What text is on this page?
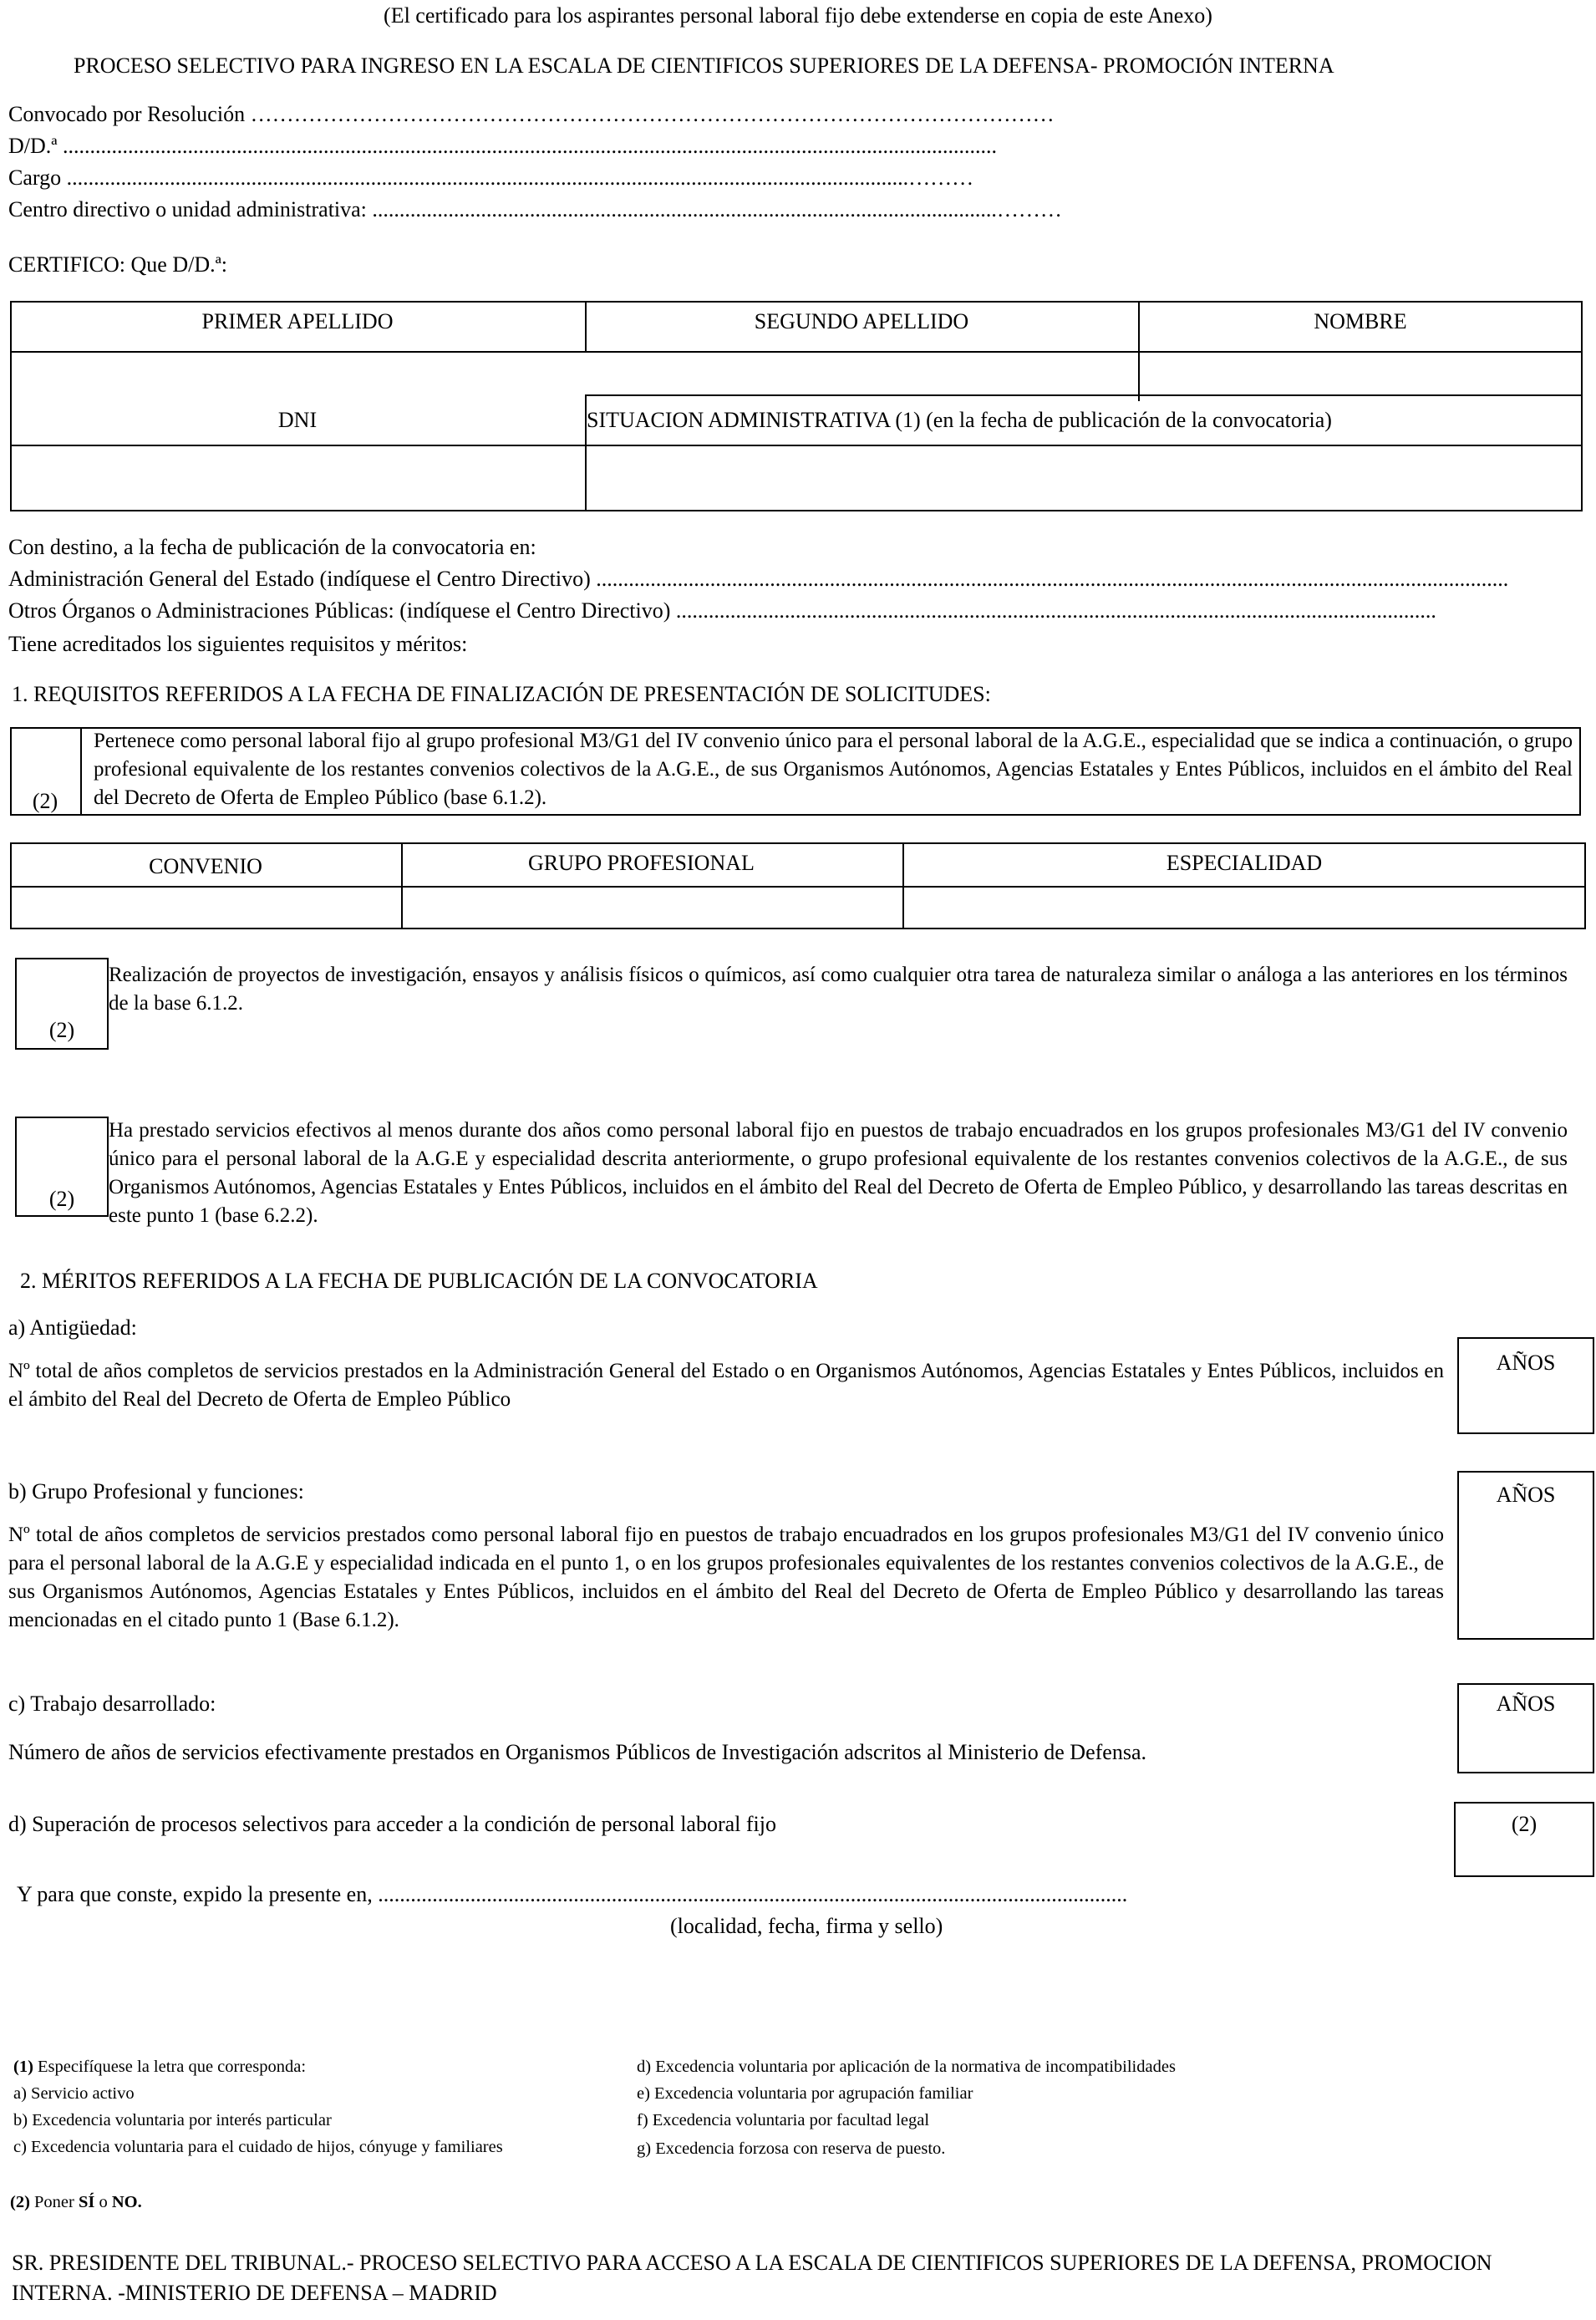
(El certificado para los aspirantes personal laboral fijo debe extenderse en copia de este Anexo)
PROCESO SELECTIVO PARA INGRESO EN LA ESCALA DE CIENTIFICOS SUPERIORES DE LA DEFENSA- PROMOCIÓN INTERNA
Convocado por Resolución …………………………………………………………………………………………………
D/D.ª ............................................................................................................................................................................
Cargo ...........................................................................................................................................................………
Centro directivo o unidad administrativa: ...................................................................................................................………
CERTIFICO: Que D/D.ª:
PRIMER APELLIDO	SEGUNDO APELLIDO	NOMBRE
DNI	SITUACION ADMINISTRATIVA (1) (en la fecha de publicación de la convocatoria)
Con destino, a la fecha de publicación de la convocatoria en:
Administración General del Estado (indíquese el Centro Directivo) ........................................................................................................................................................................
Otros Órganos o Administraciones Públicas: (indíquese el Centro Directivo) ............................................................................................................................................
Tiene acreditados los siguientes requisitos y méritos:
1. REQUISITOS REFERIDOS A LA FECHA DE FINALIZACIÓN DE PRESENTACIÓN DE SOLICITUDES:
(2)
Pertenece como personal laboral fijo al grupo profesional M3/G1 del IV convenio único para el personal laboral de la A.G.E., especialidad que se indica a continuación, o grupo profesional equivalente de los restantes convenios colectivos de la A.G.E., de sus Organismos Autónomos, Agencias Estatales y Entes Públicos, incluidos en el ámbito del Real del Decreto de Oferta de Empleo Público (base 6.1.2).
CONVENIO	GRUPO PROFESIONAL	ESPECIALIDAD
(2)
Realización de proyectos de investigación, ensayos y análisis físicos o químicos, así como cualquier otra tarea de naturaleza similar o análoga a las anteriores en los términos de la base 6.1.2.
(2)
Ha prestado servicios efectivos al menos durante dos años como personal laboral fijo en puestos de trabajo encuadrados en los grupos profesionales M3/G1 del IV convenio único para el personal laboral de la A.G.E y especialidad descrita anteriormente, o grupo profesional equivalente de los restantes convenios colectivos de la A.G.E., de sus Organismos Autónomos, Agencias Estatales y Entes Públicos, incluidos en el ámbito del Real del Decreto de Oferta de Empleo Público, y desarrollando las tareas descritas en este punto 1 (base 6.2.2).
2. MÉRITOS REFERIDOS A LA FECHA DE PUBLICACIÓN DE LA CONVOCATORIA
a) Antigüedad:
Nº total de años completos de servicios prestados en la Administración General del Estado o en Organismos Autónomos, Agencias Estatales y Entes Públicos, incluidos en el ámbito del Real del Decreto de Oferta de Empleo Público
AÑOS
b) Grupo Profesional y funciones:
Nº total de años completos de servicios prestados como personal laboral fijo en puestos de trabajo encuadrados en los grupos profesionales M3/G1 del IV convenio único para el personal laboral de la A.G.E y especialidad indicada en el punto 1, o en los grupos profesionales equivalentes de los restantes convenios colectivos de la A.G.E., de sus Organismos Autónomos, Agencias Estatales y Entes Públicos, incluidos en el ámbito del Real del Decreto de Oferta de Empleo Público y desarrollando las tareas mencionadas en el citado punto 1 (Base 6.1.2).
AÑOS
c) Trabajo desarrollado:
Número de años de servicios efectivamente prestados en Organismos Públicos de Investigación adscritos al Ministerio de Defensa.
AÑOS
d) Superación de procesos selectivos para acceder a la condición de personal laboral fijo	(2)
Y para que conste, expido la presente en, ..........................................................................................................................................
(localidad, fecha, firma y sello)
(1) Especifíquese la letra que corresponda:
a) Servicio activo
b) Excedencia voluntaria por interés particular
c) Excedencia voluntaria para el cuidado de hijos, cónyuge y familiares
d) Excedencia voluntaria por aplicación de la normativa de incompatibilidades
e) Excedencia voluntaria por agrupación familiar
f) Excedencia voluntaria por facultad legal
g) Excedencia forzosa con reserva de puesto.
(2) Poner SÍ o NO.
SR. PRESIDENTE DEL TRIBUNAL.- PROCESO SELECTIVO PARA ACCESO A LA ESCALA DE CIENTIFICOS SUPERIORES DE LA DEFENSA, PROMOCION INTERNA. -MINISTERIO DE DEFENSA – MADRID
